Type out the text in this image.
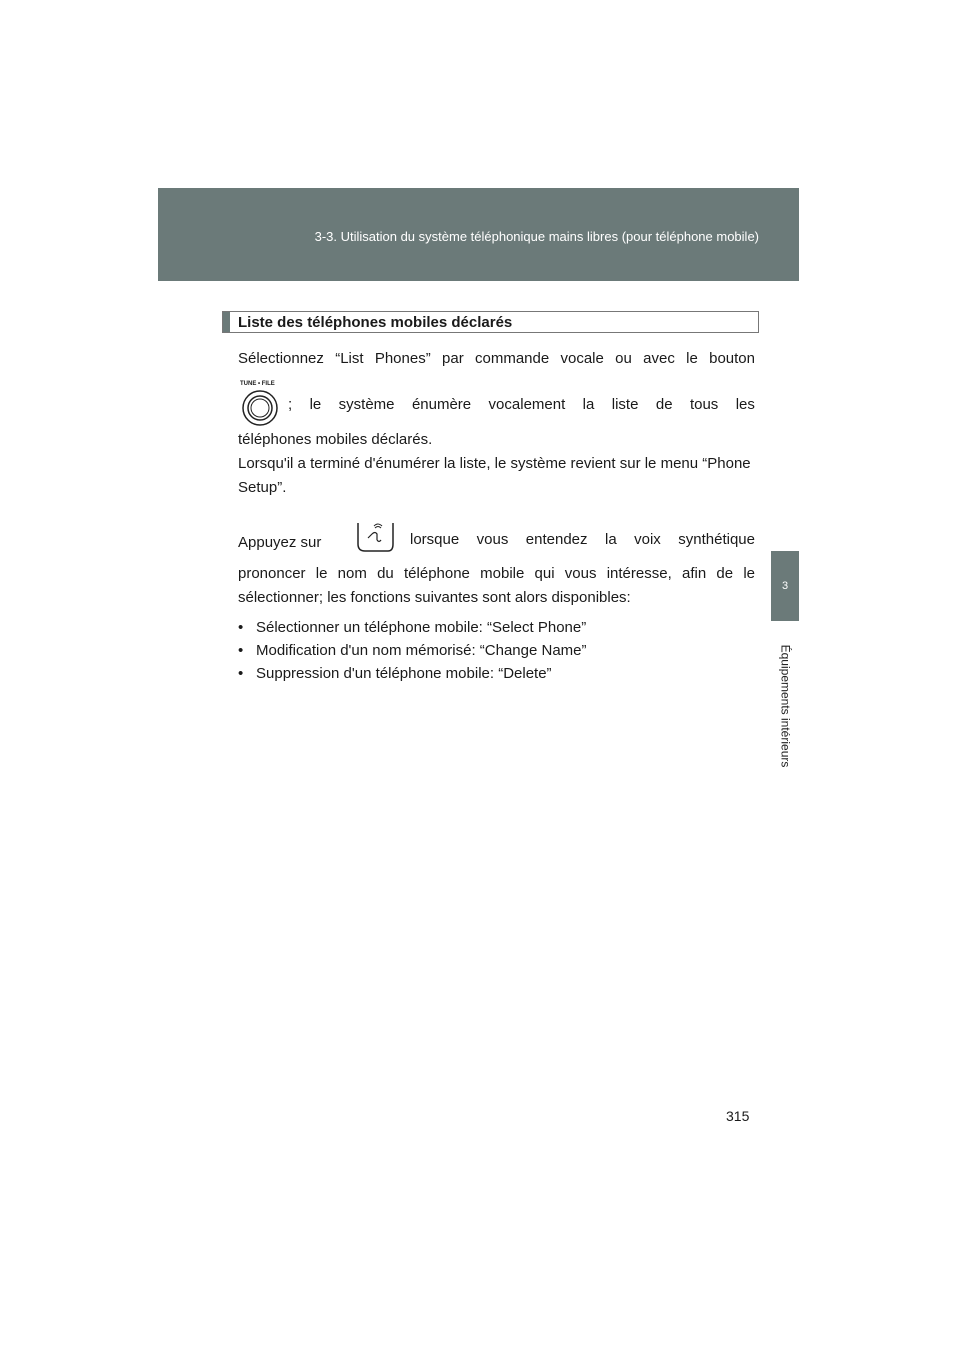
3-3. Utilisation du système téléphonique mains libres (pour téléphone mobile)
3
Équipements intérieurs
Liste des téléphones mobiles déclarés
Sélectionnez “List Phones” par commande vocale ou avec le bouton
TUNE • FILE
; le système énumère vocalement la liste de tous les
téléphones mobiles déclarés.
Lorsqu'il a terminé d'énumérer la liste, le système revient sur le menu “Phone Setup”.
Appuyez sur	lorsque vous entendez la voix synthétique
prononcer le nom du téléphone mobile qui vous intéresse, afin de le sélectionner; les fonctions suivantes sont alors disponibles:
• Sélectionner un téléphone mobile: “Select Phone”
• Modification d'un nom mémorisé: “Change Name”
• Suppression d'un téléphone mobile: “Delete”
315
